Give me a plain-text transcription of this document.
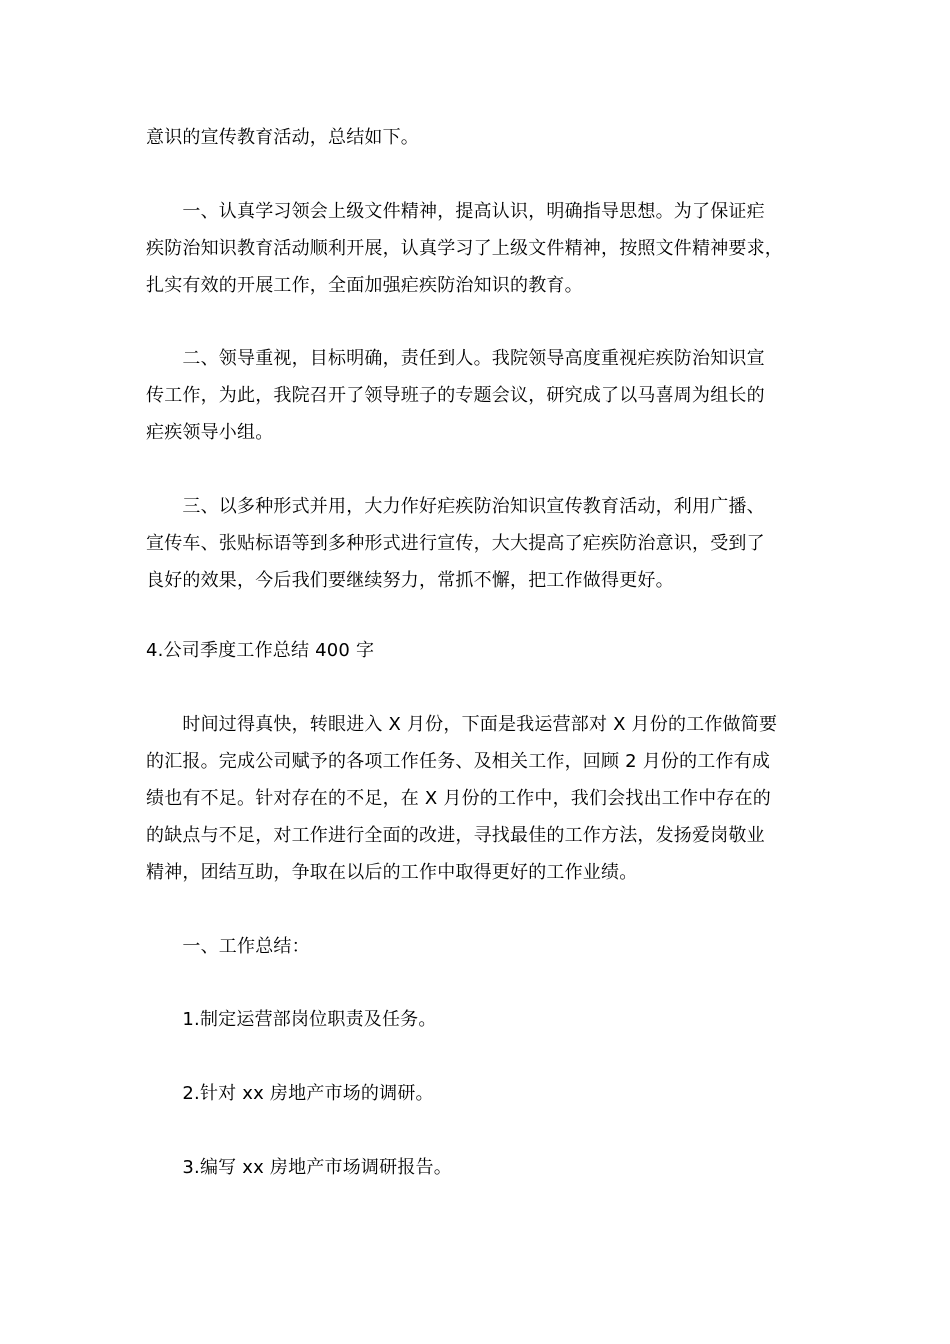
意识的宣传教育活动，总结如下。

　　一、认真学习领会上级文件精神，提高认识，明确指导思想。为了保证疟
疾防治知识教育活动顺利开展，认真学习了上级文件精神，按照文件精神要求，
扎实有效的开展工作，全面加强疟疾防治知识的教育。

　　二、领导重视，目标明确，责任到人。我院领导高度重视疟疾防治知识宣
传工作，为此，我院召开了领导班子的专题会议，研究成了以马喜周为组长的
疟疾领导小组。

　　三、以多种形式并用，大力作好疟疾防治知识宣传教育活动，利用广播、
宣传车、张贴标语等到多种形式进行宣传，大大提高了疟疾防治意识，受到了
良好的效果，今后我们要继续努力，常抓不懈，把工作做得更好。

4.公司季度工作总结 400 字

　　时间过得真快，转眼进入 X 月份，下面是我运营部对 X 月份的工作做简要
的汇报。完成公司赋予的各项工作任务、及相关工作，回顾 2 月份的工作有成
绩也有不足。针对存在的不足，在 X 月份的工作中，我们会找出工作中存在的
的缺点与不足，对工作进行全面的改进，寻找最佳的工作方法，发扬爱岗敬业
精神，团结互助，争取在以后的工作中取得更好的工作业绩。

　　一、工作总结：

　　1.制定运营部岗位职责及任务。

　　2.针对 xx 房地产市场的调研。

　　3.编写 xx 房地产市场调研报告。
